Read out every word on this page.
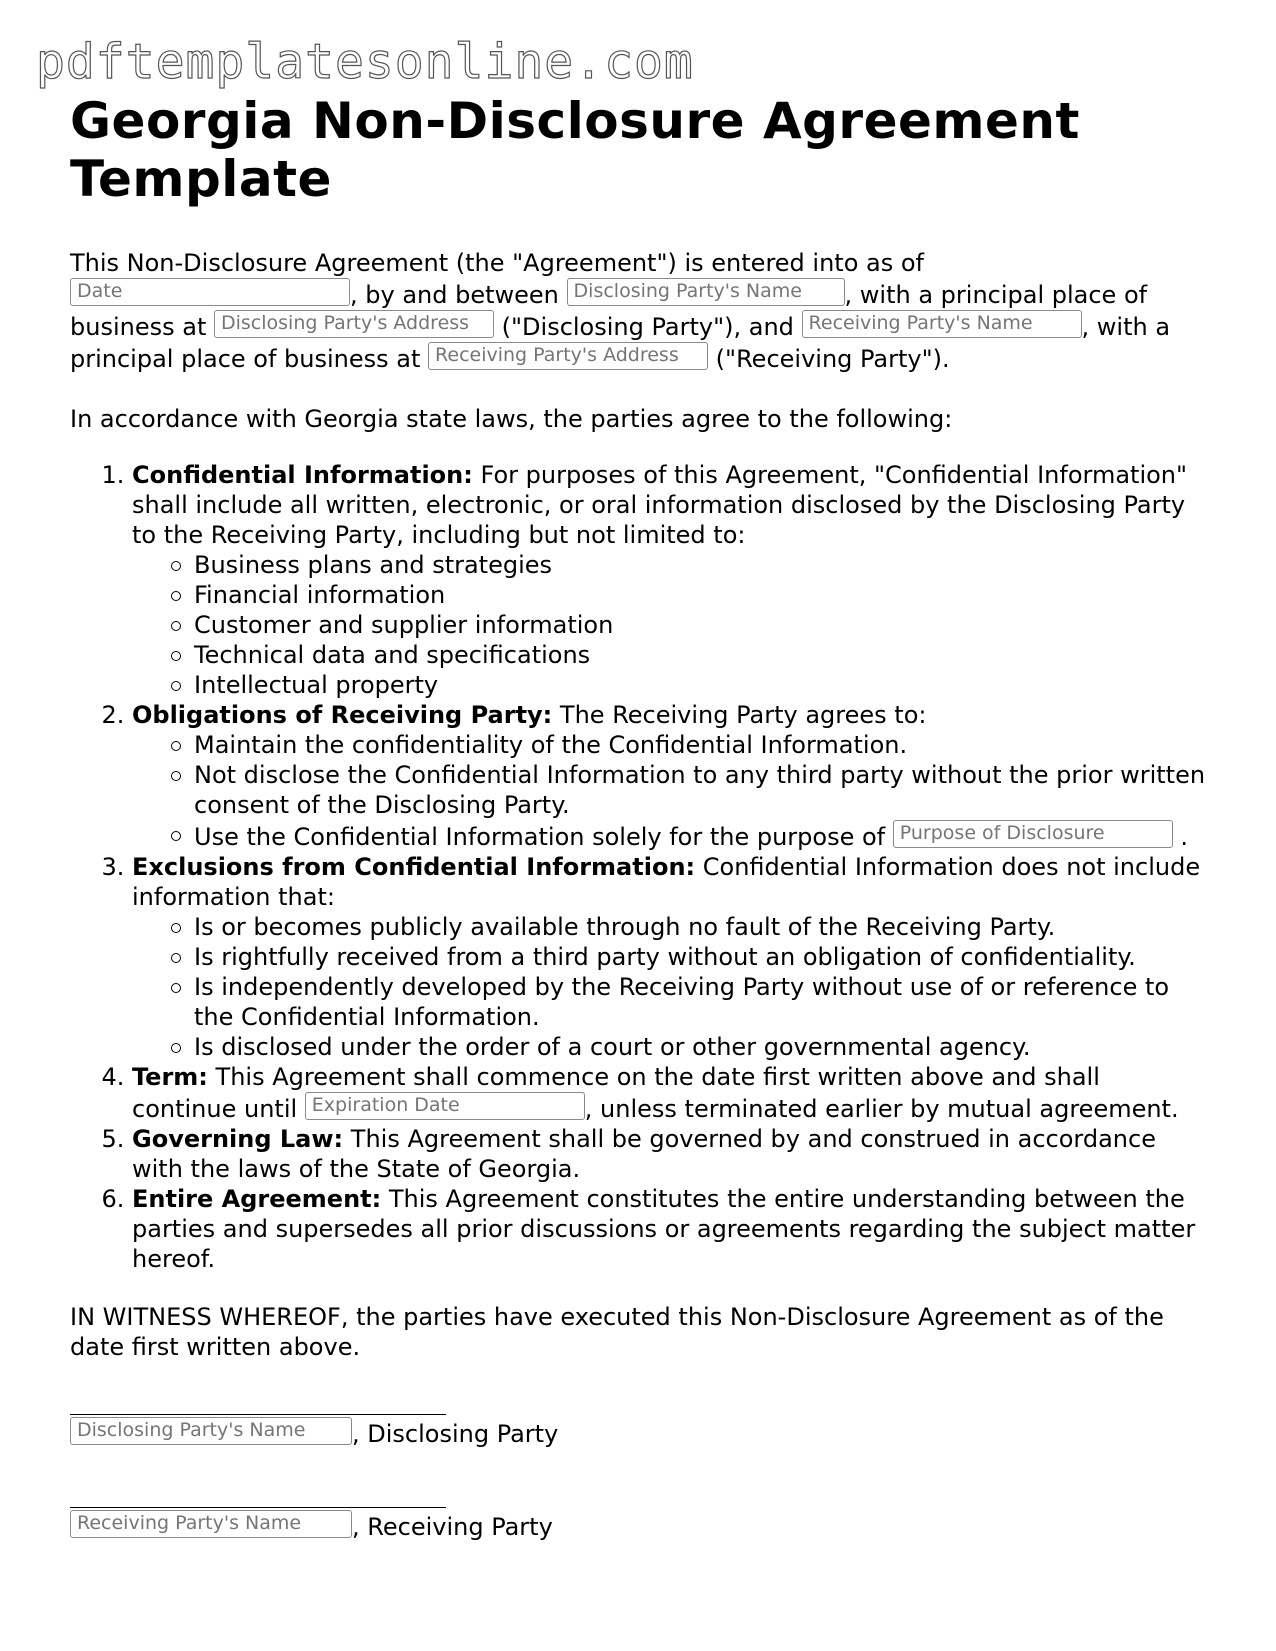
pdftemplatesonline.com
Georgia Non-Disclosure Agreement Template

This Non-Disclosure Agreement (the "Agreement") is entered into as of Date	, by and between Disclosing Party's Name , with a principal place of business at Disclosing Party's Address ("Disclosing Party"), and Receiving Party's Name , with a principal place of business at Receiving Party's Address ("Receiving Party").

In accordance with Georgia state laws, the parties agree to the following:

1. Confidential Information: For purposes of this Agreement, "Confidential Information" shall include all written, electronic, or oral information disclosed by the Disclosing Party to the Receiving Party, including but not limited to:
Business plans and strategies
Financial information
Customer and supplier information
Technical data and specifications
Intellectual property
2. Obligations of Receiving Party: The Receiving Party agrees to:
Maintain the confidentiality of the Confidential Information.
Not disclose the Confidential Information to any third party without the prior written consent of the Disclosing Party.
Use the Confidential Information solely for the purpose of Purpose of Disclosure	.
3. Exclusions from Confidential Information: Confidential Information does not include information that:
Is or becomes publicly available through no fault of the Receiving Party.
Is rightfully received from a third party without an obligation of confidentiality.
Is independently developed by the Receiving Party without use of or reference to the Confidential Information.
Is disclosed under the order of a court or other governmental agency.
4. Term: This Agreement shall commence on the date first written above and shall continue until Expiration Date	, unless terminated earlier by mutual agreement.
5. Governing Law: This Agreement shall be governed by and construed in accordance with the laws of the State of Georgia.
6. Entire Agreement: This Agreement constitutes the entire understanding between the parties and supersedes all prior discussions or agreements regarding the subject matter hereof.

IN WITNESS WHEREOF, the parties have executed this Non-Disclosure Agreement as of the date first written above.

Disclosing Party's Name , Disclosing Party
Receiving Party's Name , Receiving Party
